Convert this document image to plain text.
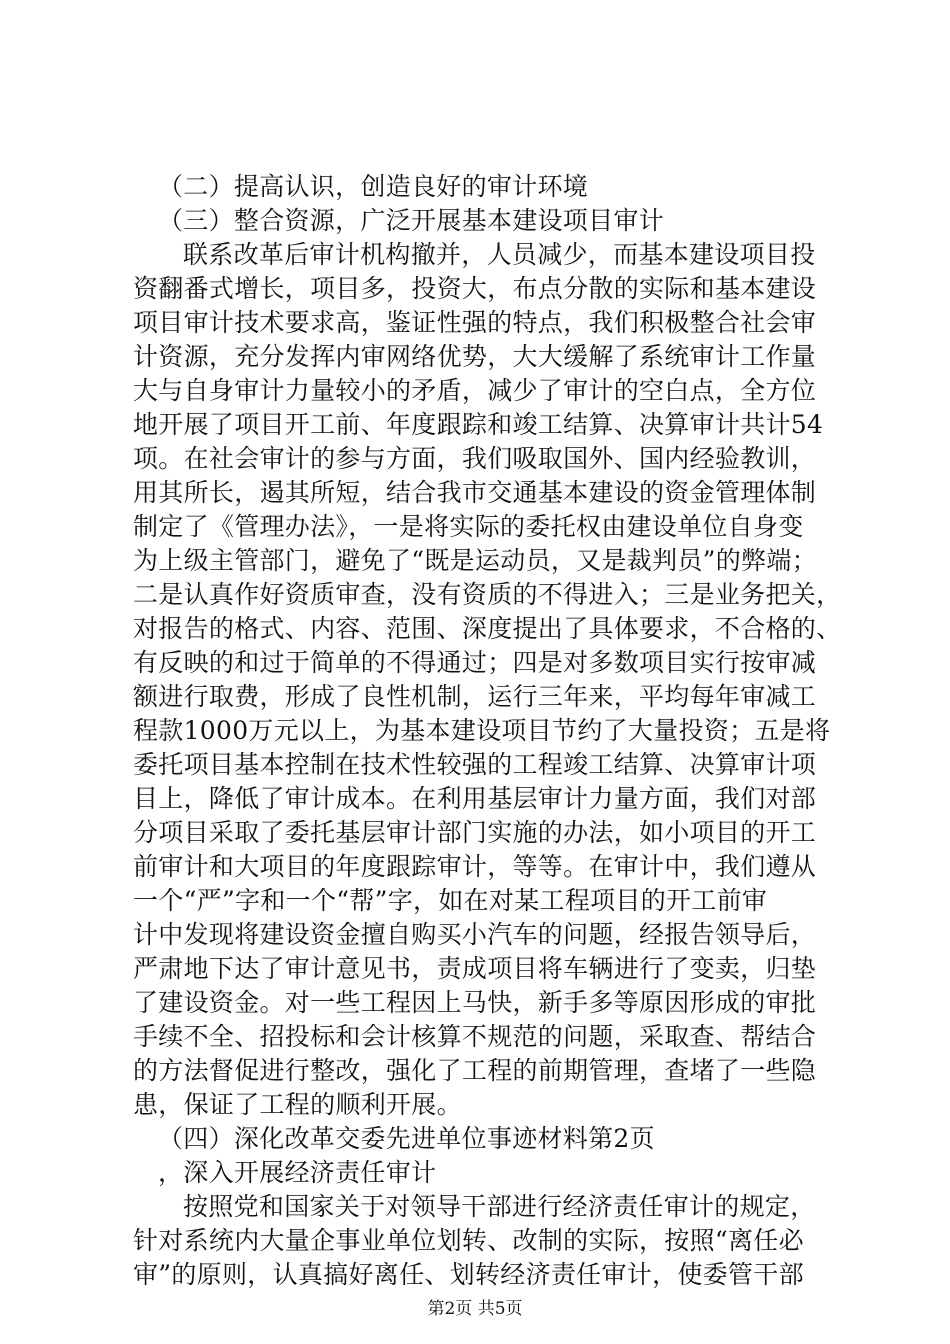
（二）提高认识，创造良好的审计环境
（三）整合资源，广泛开展基本建设项目审计
联系改革后审计机构撤并，人员减少，而基本建设项目投
资翻番式增长，项目多，投资大，布点分散的实际和基本建设
项目审计技术要求高，鉴证性强的特点，我们积极整合社会审
计资源，充分发挥内审网络优势，大大缓解了系统审计工作量
大与自身审计力量较小的矛盾，减少了审计的空白点，全方位
地开展了项目开工前、年度跟踪和竣工结算、决算审计共计54
项。在社会审计的参与方面，我们吸取国外、国内经验教训，
用其所长，遏其所短，结合我市交通基本建设的资金管理体制
制定了《管理办法》，一是将实际的委托权由建设单位自身变
为上级主管部门，避免了“既是运动员，又是裁判员”的弊端；
二是认真作好资质审查，没有资质的不得进入；三是业务把关，
对报告的格式、内容、范围、深度提出了具体要求，不合格的、
有反映的和过于简单的不得通过；四是对多数项目实行按审减
额进行取费，形成了良性机制，运行三年来，平均每年审减工
程款1000万元以上，为基本建设项目节约了大量投资；五是将
委托项目基本控制在技术性较强的工程竣工结算、决算审计项
目上，降低了审计成本。在利用基层审计力量方面，我们对部
分项目采取了委托基层审计部门实施的办法，如小项目的开工
前审计和大项目的年度跟踪审计，等等。在审计中，我们遵从
一个“严”字和一个“帮”字，如在对某工程项目的开工前审
计中发现将建设资金擅自购买小汽车的问题，经报告领导后，
严肃地下达了审计意见书，责成项目将车辆进行了变卖，归垫
了建设资金。对一些工程因上马快，新手多等原因形成的审批
手续不全、招投标和会计核算不规范的问题，采取查、帮结合
的方法督促进行整改，强化了工程的前期管理，查堵了一些隐
患，保证了工程的顺利开展。
（四）深化改革交委先进单位事迹材料第2页
，深入开展经济责任审计
按照党和国家关于对领导干部进行经济责任审计的规定，
针对系统内大量企事业单位划转、改制的实际，按照“离任必
审”的原则，认真搞好离任、划转经济责任审计，使委管干部
第2页 共5页
